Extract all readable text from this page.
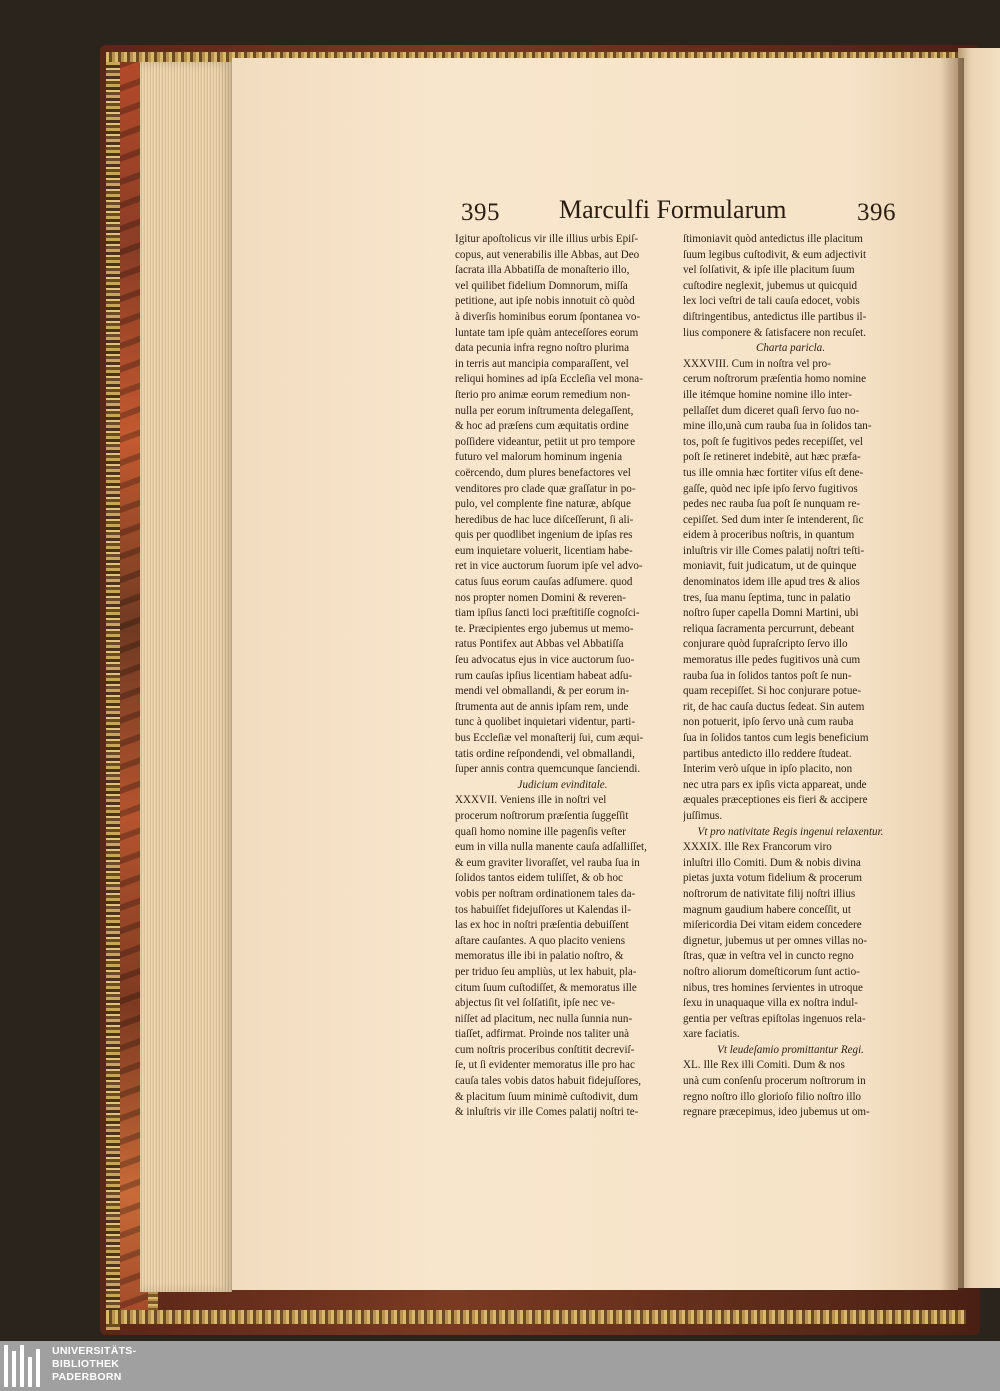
395 Marculfi Formularum	396
Igitur apoſtolicus vir ille illius urbis Epiſ-
copus, aut venerabilis ille Abbas, aut Deo
ſacrata illa Abbatiſſa de monaſterio illo,
vel quilibet fidelium Domnorum, miſſa
petitione, aut ipſe nobis innotuit cò quòd
à diverſis hominibus eorum ſpontanea vo-
luntate tam ipſe quàm anteceſſores eorum
data pecunia infra regno noſtro plurima
in terris aut mancipia comparaſſent, vel
reliqui homines ad ipſa Eccleſia vel mona-
ſterio pro animæ eorum remedium non-
nulla per eorum inſtrumenta delegaſſent,
& hoc ad præſens cum æquitatis ordine
poſſidere videantur, petiit ut pro tempore
futuro vel malorum hominum ingenia
coërcendo, dum plures benefactores vel
venditores pro clade quæ graſſatur in po-
pulo, vel complente fine naturæ, abſque
heredibus de hac luce diſceſſerunt, ſi ali-
quis per quodlibet ingenium de ipſas res
eum inquietare voluerit, licentiam habe-
ret in vice auctorum ſuorum ipſe vel advo-
catus ſuus eorum cauſas adſumere. quod
nos propter nomen Domini & reveren-
tiam ipſius ſancti loci præſtitiſſe cognoſci-
te. Præcipientes ergo jubemus ut memo-
ratus Pontifex aut Abbas vel Abbatiſſa
ſeu advocatus ejus in vice auctorum ſuo-
rum cauſas ipſius licentiam habeat adſu-
mendi vel obmallandi, & per eorum in-
ſtrumenta aut de annis ipſam rem, unde
tunc à quolibet inquietari videntur, parti-
bus Eccleſiæ vel monaſterij ſui, cum æqui-
tatis ordine reſpondendi, vel obmallandi,
ſuper annis contra quemcunque ſanciendi.
Judicium evinditale.
XXXVII. Veniens ille in noſtri vel
procerum noſtrorum præſentia ſuggeſſit
quaſi homo nomine ille pagenſis veſter
eum in villa nulla manente cauſa adſalliſſet,
& eum graviter livoraſſet, vel rauba ſua in
ſolidos tantos eidem tuliſſet, & ob hoc
vobis per noſtram ordinationem tales da-
tos habuiſſet fidejuſſores ut Kalendas il-
las ex hoc in noſtri præſentia debuiſſent
aſtare cauſantes. A quo placito veniens
memoratus ille ibi in palatio noſtro, &
per triduo ſeu ampliùs, ut lex habuit, pla-
citum ſuum cuſtodiſſet, & memoratus ille
abjectus ſit vel ſolſatiſit, ipſe nec ve-
niſſet ad placitum, nec nulla ſunnia nun-
tiaſſet, adfirmat. Proinde nos taliter unà
cum noſtris proceribus conſtitit decreviſ-
ſe, ut ſi evidenter memoratus ille pro hac
cauſa tales vobis datos habuit fidejuſſores,
& placitum ſuum minimè cuſtodivit, dum
& inluſtris vir ille Comes palatij noſtri te-
ſtimoniavit quòd antedictus ille placitum
ſuum legibus cuſtodivit, & eum adjectivit
vel ſolſativit, & ipſe ille placitum ſuum
cuſtodire neglexit, jubemus ut quicquid
lex loci veſtri de tali cauſa edocet, vobis
diſtringentibus, antedictus ille partibus il-
lius componere & ſatisfacere non recuſet.
Charta paricla.
XXXVIII. Cum in noſtra vel pro-
cerum noſtrorum præſentia homo nomine
ille itémque homine nomine illo inter-
pellaſſet dum diceret quaſi ſervo ſuo no-
mine illo,unà cum rauba ſua in ſolidos tan-
tos, poſt ſe fugitivos pedes recepiſſet, vel
poſt ſe retineret indebitè, aut hæc præfa-
tus ille omnia hæc fortiter viſus eſt dene-
gaſſe, quòd nec ipſe ipſo ſervo fugitivos
pedes nec rauba ſua poſt ſe nunquam re-
cepiſſet. Sed dum inter ſe intenderent, ſic
eidem à proceribus noſtris, in quantum
inluſtris vir ille Comes palatij noſtri teſti-
moniavit, fuit judicatum, ut de quinque
denominatos idem ille apud tres & alios
tres, ſua manu ſeptima, tunc in palatio
noſtro ſuper capella Domni Martini, ubi
reliqua ſacramenta percurrunt, debeant
conjurare quòd ſupraſcripto ſervo illo
memoratus ille pedes fugitivos unà cum
rauba ſua in ſolidos tantos poſt ſe nun-
quam recepiſſet. Si hoc conjurare potue-
rit, de hac cauſa ductus ſedeat. Sin autem
non potuerit, ipſo ſervo unà cum rauba
ſua in ſolidos tantos cum legis beneficium
partibus antedicto illo reddere ſtudeat.
Interim verò uſque in ipſo placito, non
nec utra pars ex ipſis victa appareat, unde
æquales præceptiones eis fieri & accipere
juſſimus.
Vt pro nativitate Regis ingenui relaxentur.
XXXIX. Ille Rex Francorum viro
inluſtri illo Comiti. Dum & nobis divina
pietas juxta votum fidelium & procerum
noſtrorum de nativitate filij noſtri illius
magnum gaudium habere conceſſit, ut
miſericordia Dei vitam eidem concedere
dignetur, jubemus ut per omnes villas no-
ſtras, quæ in veſtra vel in cuncto regno
noſtro aliorum domeſticorum ſunt actio-
nibus, tres homines ſervientes in utroque
ſexu in unaquaque villa ex noſtra indul-
gentia per veſtras epiſtolas ingenuos rela-
xare faciatis.
Vt leudeſamio promittantur Regi.
XL. Ille Rex illi Comiti. Dum & nos
unà cum conſenſu procerum noſtrorum in
regno noſtro illo glorioſo filio noſtro illo
regnare præcepimus, ideo jubemus ut om-
UNIVERSITÄTS-
BIBLIOTHEK
PADERBORN
